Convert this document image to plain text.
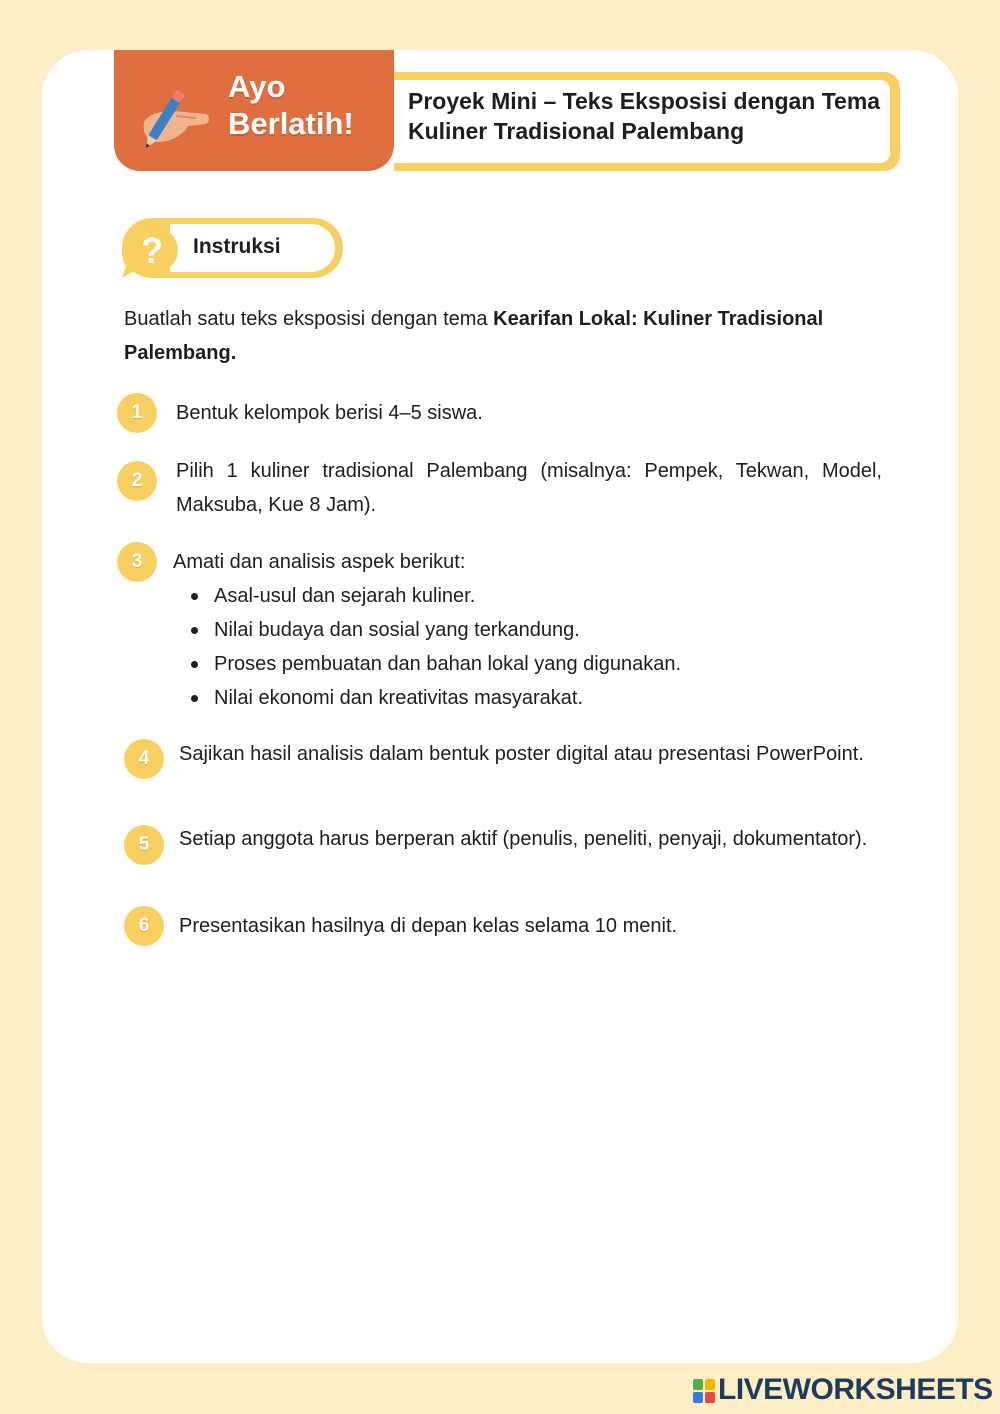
Ayo
Berlatih!
Proyek Mini – Teks Eksposisi dengan Tema Kuliner Tradisional Palembang
? Instruksi
Buatlah satu teks eksposisi dengan tema Kearifan Lokal: Kuliner Tradisional Palembang.
1	Bentuk kelompok berisi 4–5 siswa.
2	Pilih 1 kuliner tradisional Palembang (misalnya: Pempek, Tekwan, Model, Maksuba, Kue 8 Jam).
3	Amati dan analisis aspek berikut:
Asal-usul dan sejarah kuliner.
Nilai budaya dan sosial yang terkandung.
Proses pembuatan dan bahan lokal yang digunakan.
Nilai ekonomi dan kreativitas masyarakat.
4	Sajikan hasil analisis dalam bentuk poster digital atau presentasi PowerPoint.
5	Setiap anggota harus berperan aktif (penulis, peneliti, penyaji, dokumentator).
6	Presentasikan hasilnya di depan kelas selama 10 menit.
LIVEWORKSHEETS
